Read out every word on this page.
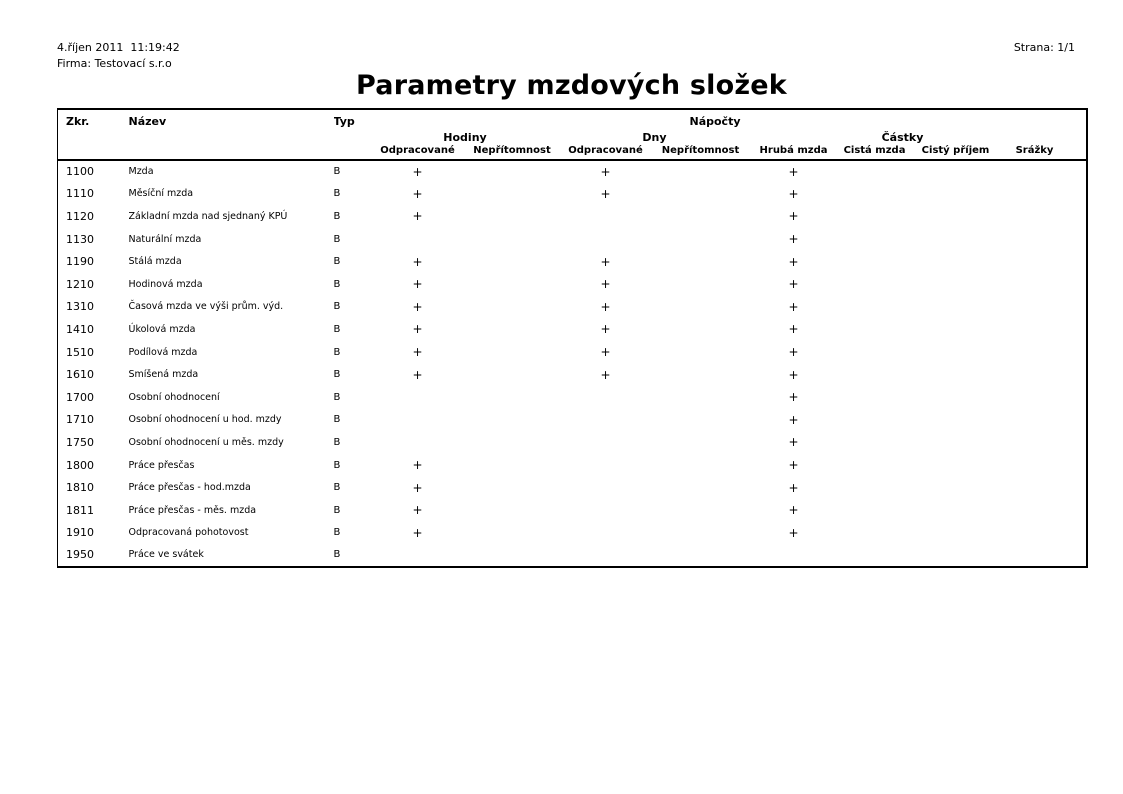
4.říjen 2011  11:19:42
Firma: Testovací s.r.o
Strana: 1/1
Parametry mzdových složek
Zkr.	Název	Typ	Nápočty							
			Hodiny		Dny		Částky			
			Odpracované	Nepřítomnost	Odpracované	Nepřítomnost	Hrubá mzda	Čistá mzda	Čistý příjem	Srážky
1100	Mzda	B	+		+		+			
1110	Měsíční mzda	B	+		+		+			
1120	Základní mzda nad sjednaný KPÚ	B	+				+			
1130	Naturální mzda	B					+			
1190	Stálá mzda	B	+		+		+			
1210	Hodinová mzda	B	+		+		+			
1310	Časová mzda ve výši prům. výd.	B	+		+		+			
1410	Úkolová mzda	B	+		+		+			
1510	Podílová mzda	B	+		+		+			
1610	Smíšená mzda	B	+		+		+			
1700	Osobní ohodnocení	B					+			
1710	Osobní ohodnocení u hod. mzdy	B					+			
1750	Osobní ohodnocení u měs. mzdy	B					+			
1800	Práce přesčas	B	+				+			
1810	Práce přesčas - hod.mzda	B	+				+			
1811	Práce přesčas - měs. mzda	B	+				+			
1910	Odpracovaná pohotovost	B	+				+			
1950	Práce ve svátek	B								
